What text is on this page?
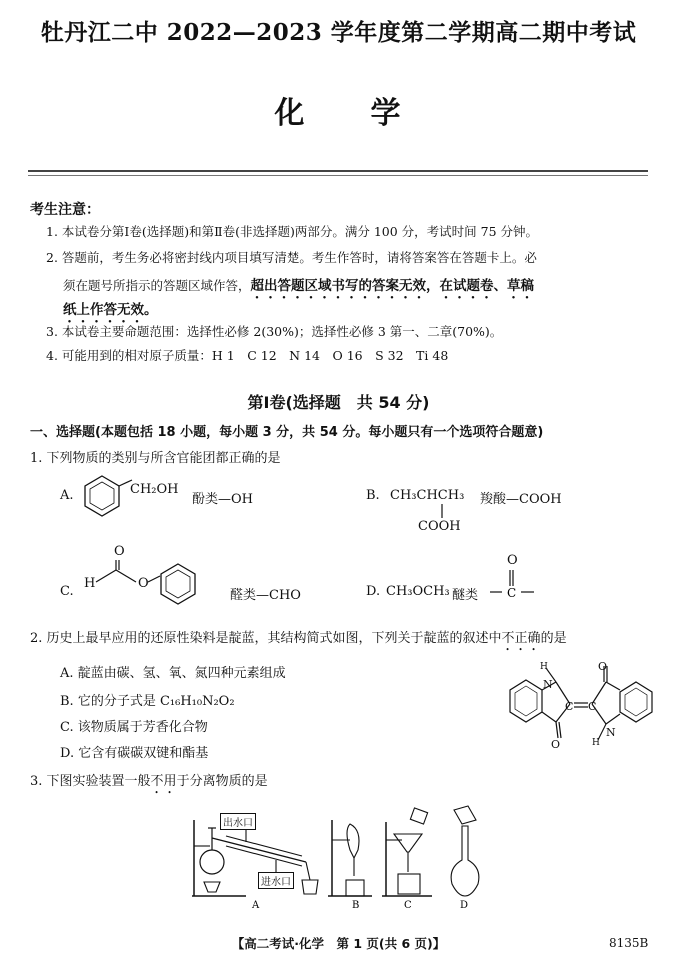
牡丹江二中 2022—2023 学年度第二学期高二期中考试
化　　学
考生注意：
1. 本试卷分第Ⅰ卷(选择题)和第Ⅱ卷(非选择题)两部分。满分 100 分，考试时间 75 分钟。
2. 答题前，考生务必将密封线内项目填写清楚。考生作答时，请将答案答在答题卡上。必
须在题号所指示的答题区域作答，超出答题区域书写的答案无效，在试题卷、草稿
纸上作答无效。
3. 本试卷主要命题范围：选择性必修 2(30%)；选择性必修 3 第一、二章(70%)。
4. 可能用到的相对原子质量：H 1　C 12　N 14　O 16　S 32　Ti 48
第Ⅰ卷(选择题　共 54 分)
一、选择题(本题包括 18 小题，每小题 3 分，共 54 分。每小题只有一个选项符合题意)
1. 下列物质的类别与所含官能团都正确的是
A.	CH₂OH
酚类—OH	B. CH₃CHCH₃
COOH
羧酸—COOH
C.
H
O
O
醛类—CHO	D. CH₃OCH₃ 醚类
O
C
2. 历史上最早应用的还原性染料是靛蓝，其结构简式如图，下列关于靛蓝的叙述中不正确的是
A. 靛蓝由碳、氢、氧、氮四种元素组成
B. 它的分子式是 C₁₆H₁₀N₂O₂
C. 该物质属于芳香化合物
D. 它含有碳碳双键和酯基
H
N
O
C C
O
N
H
3. 下图实验装置一般不用于分离物质的是
A	B	C	D
出水口
进水口
【高二考试·化学　第 1 页(共 6 页)】	8135B
